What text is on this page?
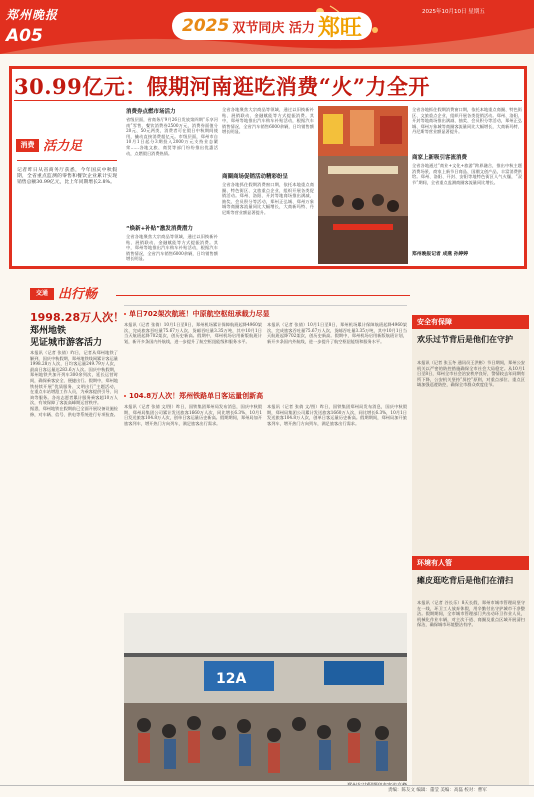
郑州晚报
A05	2025 双节同庆 活力 郑旺
2025年10月10日 星期五
30.99亿元：假期河南逛吃消费“火”力全开
消费 活力足
记者昨日从省商务厅获悉，今年国庆中秋假期，全省重点监测的零售和餐饮企业累计实现销售总额30.99亿元，比上年同期增长2.8%。
消费券点燃市场活力
省级层面，省商务厅9月26日发放第四期“乐享河南”零售、餐饮消费券2500万元，消费券面值分20元、50元两类，消费者可在假日中秋期间使用，撬动直接消费超亿元。市级层面，郑州市自10月1日起分3期投入2000万元支持业态繁荣……各地文旅、商贸等部门纷纷推出优惠活动，点燃假日消费热情。
“焕新+补贴”激发消费潜力
全省各地聚焦大宗商品等领域，通过以旧换新补贴、展销联动、金融赋能等方式提振消费。其中，郑州等地推出汽车购车补贴活动，根据汽车销售情况，全省汽车销售6000余辆，日均销售额增长明显。
全省各地聚焦大宗商品等领域，通过以旧换新补贴、展销联动、金融赋能等方式提振消费。其中，郑州等地推出汽车购车补贴活动，根据汽车销售情况，全省汽车销售6000余辆，日均销售额增长明显。
商圈商场促销活动精彩纷呈
全省各地抓住假期消费窗口期，依托本地重点商圈、特色街区、文旅重点企业，组织开展各类促销活动。郑州、洛阳、开封等地商场推出满减、抽奖、会员积分等活动，郑州正弘城、郑州万象城等商圈客流量同比大幅增长，大商新玛特、丹尼斯等营业额显著提升。
全省各地抓住假期消费窗口期，依托本地重点商圈、特色街区、文旅重点企业，组织开展各类促销活动。郑州、洛阳、开封等地商场推出满减、抽奖、会员积分等活动，郑州正弘城、郑州万象城等商圈客流量同比大幅增长，大商新玛特、丹尼斯等营业额显著提升。
商家上新吸引客流消费
全省各地通过“商业+文化+旅游”跨界融合，推出中秋主题消费场景，商家上新节日商品、国潮文创产品，丰富消费供给。郑州、洛阳、开封、安阳等地特色街区人气火爆，“双节”期间，全省重点监测商圈客流量同比增长。
郑州晚报记者 成燕 孙婷婷
交通 出行畅
1998.28万人次！
郑州地铁
见证城市游客活力
本报讯（记者 张倩）昨日，记者从郑州地铁了解到，国庆中秋假期，郑州地铁线网累计客运量1998.28万人次，日均客运量249.79万人次，最高日客运量达283.6万人次。国庆中秋假期，郑州地铁共加开列车300余列次，延长运营时间，确保乘客安全、便捷出行。假期中，郑州地铁持续开展“优质服务、文明出行”主题活动，在重点车站增派工作人员，为乘客提供引导、问询等服务。各站志愿者累计服务乘客超10万人次，有效保障了客流高峰期运营秩序。
据悉，郑州地铁在假期前已全面开展设备设施检修，对车辆、信号、供电等系统进行专项检查。
单日702架次航班！中原航空枢纽承载力尽显
本报讯（记者 张倩）10月1日至8日，郑州机场累计保障航班起降4960架次，完成旅客吞吐量75.67万人次，货邮吞吐量3.35万吨，其中10月1日当天航班起降702架次，创历史新高。假期中，郑州机场启用新版航班计划，新开多条国内外航线，进一步提升了航空枢纽能级和服务水平。
本报讯（记者 张倩）10月1日至8日，郑州机场累计保障航班起降4960架次，完成旅客吞吐量75.67万人次，货邮吞吐量3.35万吨，其中10月1日当天航班起降702架次，创历史新高。假期中，郑州机场启用新版航班计划，新开多条国内外航线，进一步提升了航空枢纽能级和服务水平。
104.8万人次！郑州铁路单日客运量创新高
本报讯（记者 张倩 文/图）昨日，国铁集团郑州局发布消息，国庆中秋假期，郑州局集团公司累计发送旅客1660万人次，同比增长6.3%，10月1日发送旅客104.8万人次，创单日客运量历史新高。假期期间，郑州局加开旅客列车，增开热门方向列车，满足旅客出行需求。
本报讯（记者 张倩 文/图）昨日，国铁集团郑州局发布消息，国庆中秋假期，郑州局集团公司累计发送旅客1660万人次，同比增长6.3%，10月1日发送旅客104.8万人次，创单日客运量历史新高。假期期间，郑州局加开旅客列车，增开热门方向列车，满足旅客出行需求。
12A
安全有保障
欢乐过节背后是他们在守护
本报讯（记者 张玉冬 通讯员王洪彬）节日期间，郑州公安机关以严密的防控措施确保全市社会大局稳定。从10月1日至8日，郑州全市社会治安秩序良好，警情较去年同期有所下降，公安机关坚持“屏控”原则，对重点部位、重点区域加强巡逻防控，确保全市群众欢度佳节。
环境有人管
瘫皮逛吃背后是他们在清扫
本报讯（记者 谷长乐）8天长假，郑州市城市管理局坚守在一线，环卫工人放弃休假，用辛勤付出守护城市干净整洁。假期期间，全市城市管理部门共出动环卫作业人员，机械化作业车辆，对主次干道、商圈及重点区域开展清扫保洁，确保城市环境整洁有序。
责编：陈友文 编辑：董莹 美编：高磊 校对：曹军
